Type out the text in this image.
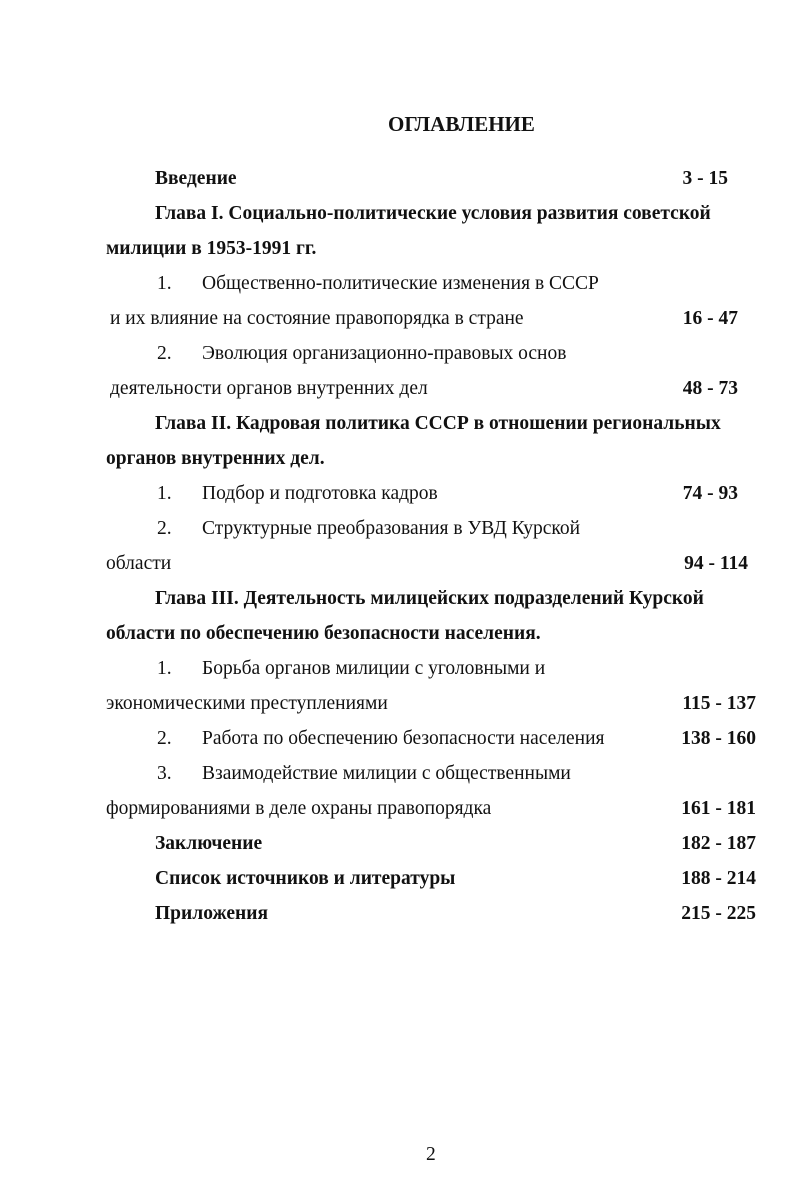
ОГЛАВЛЕНИЕ
Введение	3 - 15
Глава I. Социально-политические условия развития советской
милиции в 1953-1991 гг.
1. Общественно-политические изменения в СССР
и их влияние на состояние правопорядка в стране	16 - 47
2. Эволюция организационно-правовых основ
деятельности органов внутренних дел	48 - 73
Глава II. Кадровая политика СССР в отношении региональных
органов внутренних дел.
1. Подбор и подготовка кадров	74 - 93
2. Структурные преобразования в УВД Курской
области	94 - 114
Глава III. Деятельность милицейских подразделений Курской
области по обеспечению безопасности населения.
1. Борьба органов милиции с уголовными и
экономическими преступлениями	115 - 137
2. Работа по обеспечению безопасности населения	138 - 160
3. Взаимодействие милиции с общественными
формированиями в деле охраны правопорядка	161 - 181
Заключение	182 - 187
Список источников и литературы	188 - 214
Приложения	215 - 225
2
